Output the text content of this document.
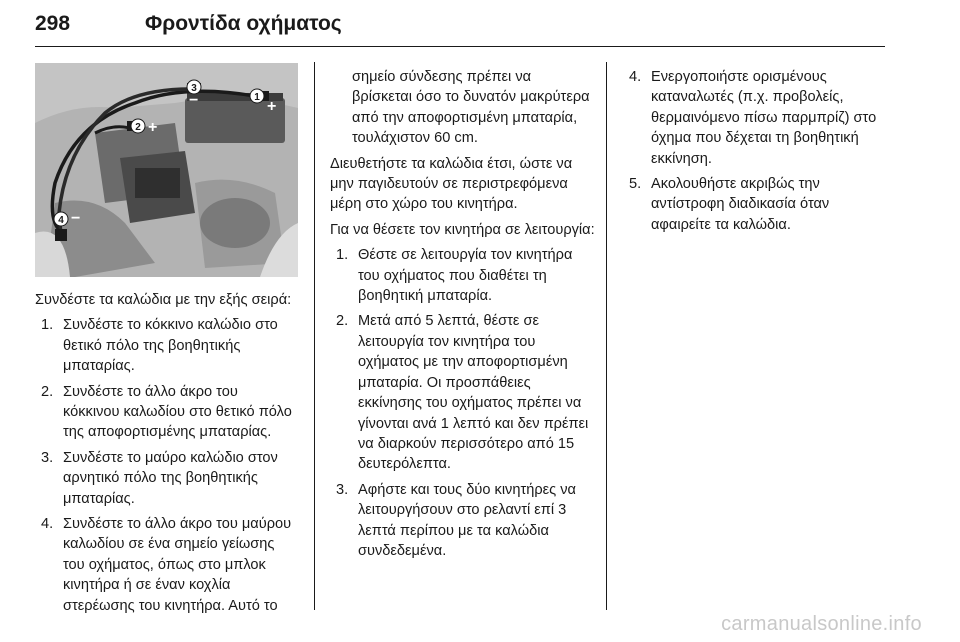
298	Φροντίδα οχήματος
1
+
2 +
3
−
4 −

Συνδέστε τα καλώδια με την εξής σειρά:

1. Συνδέστε το κόκκινο καλώδιο στο θετικό πόλο της βοηθητικής μπαταρίας.
2. Συνδέστε το άλλο άκρο του κόκκινου καλωδίου στο θετικό πόλο της αποφορτισμένης μπαταρίας.
3. Συνδέστε το μαύρο καλώδιο στον αρνητικό πόλο της βοηθητικής μπαταρίας.
4. Συνδέστε το άλλο άκρο του μαύρου καλωδίου σε ένα σημείο γείωσης του οχήματος, όπως στο μπλοκ κινητήρα ή σε έναν κοχλία στερέωσης του κινητήρα. Αυτό το

σημείο σύνδεσης πρέπει να βρίσκεται όσο το δυνατόν μακρύτερα από την αποφορτισμένη μπαταρία, τουλάχιστον 60 cm.

Διευθετήστε τα καλώδια έτσι, ώστε να μην παγιδευτούν σε περιστρεφόμενα μέρη στο χώρο του κινητήρα.

Για να θέσετε τον κινητήρα σε λειτουργία:

1. Θέστε σε λειτουργία τον κινητήρα του οχήματος που διαθέτει τη βοηθητική μπαταρία.
2. Μετά από 5 λεπτά, θέστε σε λειτουργία τον κινητήρα του οχήματος με την αποφορτισμένη μπαταρία. Οι προσπάθειες εκκίνησης του οχήματος πρέπει να γίνονται ανά 1 λεπτό και δεν πρέπει να διαρκούν περισσότερο από 15 δευτερόλεπτα.
3. Αφήστε και τους δύο κινητήρες να λειτουργήσουν στο ρελαντί επί 3 λεπτά περίπου με τα καλώδια συνδεδεμένα.
4. Ενεργοποιήστε ορισμένους καταναλωτές (π.χ. προβολείς, θερμαινόμενο πίσω παρμπρίζ) στο όχημα που δέχεται τη βοηθητική εκκίνηση.
5. Ακολουθήστε ακριβώς την αντίστροφη διαδικασία όταν αφαιρείτε τα καλώδια.
carmanualsonline.info
